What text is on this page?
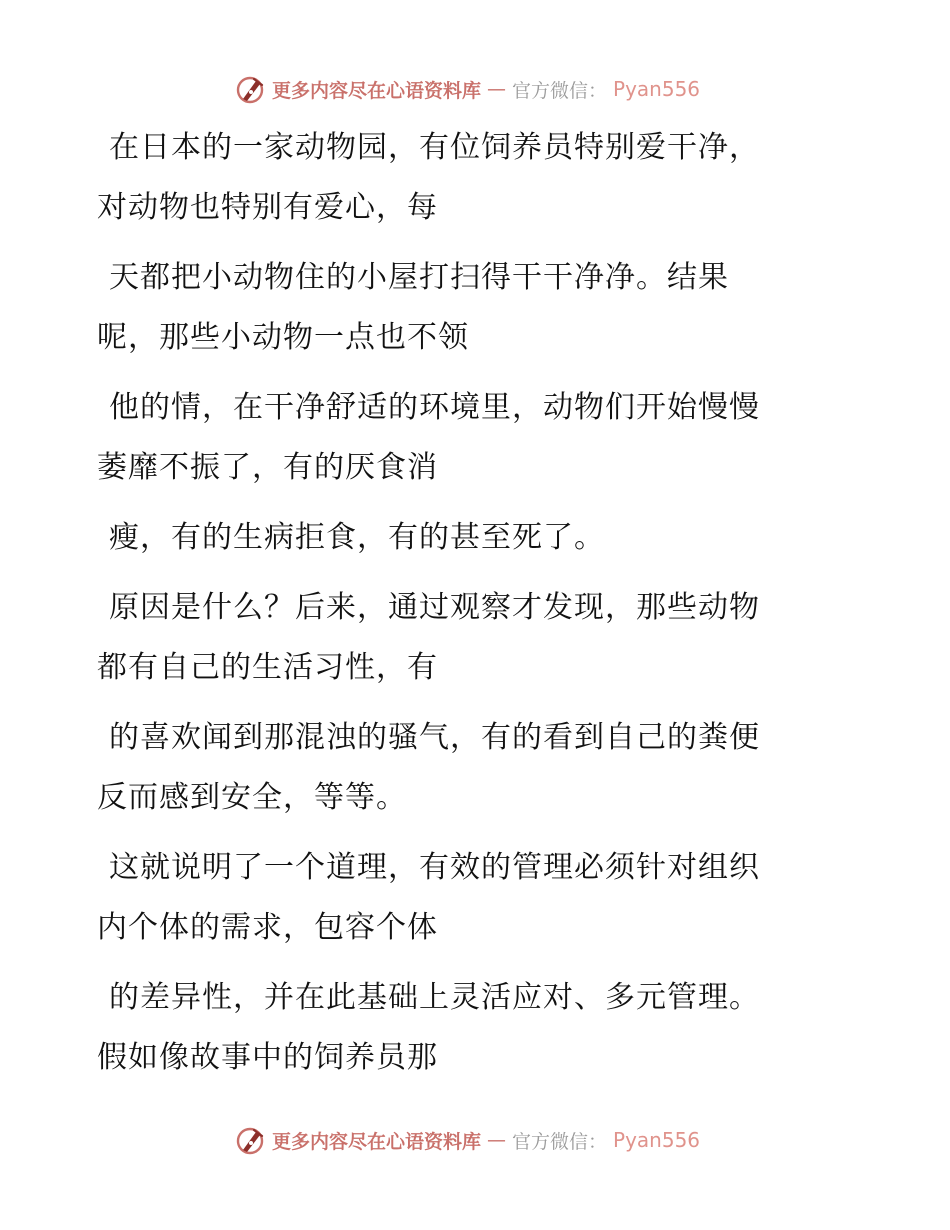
更多内容尽在心语资料库 — 官方微信： Pyan556

在日本的一家动物园，有位饲养员特别爱干净，
对动物也特别有爱心，每

天都把小动物住的小屋打扫得干干净净。结果
呢，那些小动物一点也不领

他的情，在干净舒适的环境里，动物们开始慢慢
萎靡不振了，有的厌食消

瘦，有的生病拒食，有的甚至死了。

原因是什么？后来，通过观察才发现，那些动物
都有自己的生活习性，有

的喜欢闻到那混浊的骚气，有的看到自己的粪便
反而感到安全，等等。

这就说明了一个道理，有效的管理必须针对组织
内个体的需求，包容个体

的差异性，并在此基础上灵活应对、多元管理。
假如像故事中的饲养员那

更多内容尽在心语资料库 — 官方微信： Pyan556
